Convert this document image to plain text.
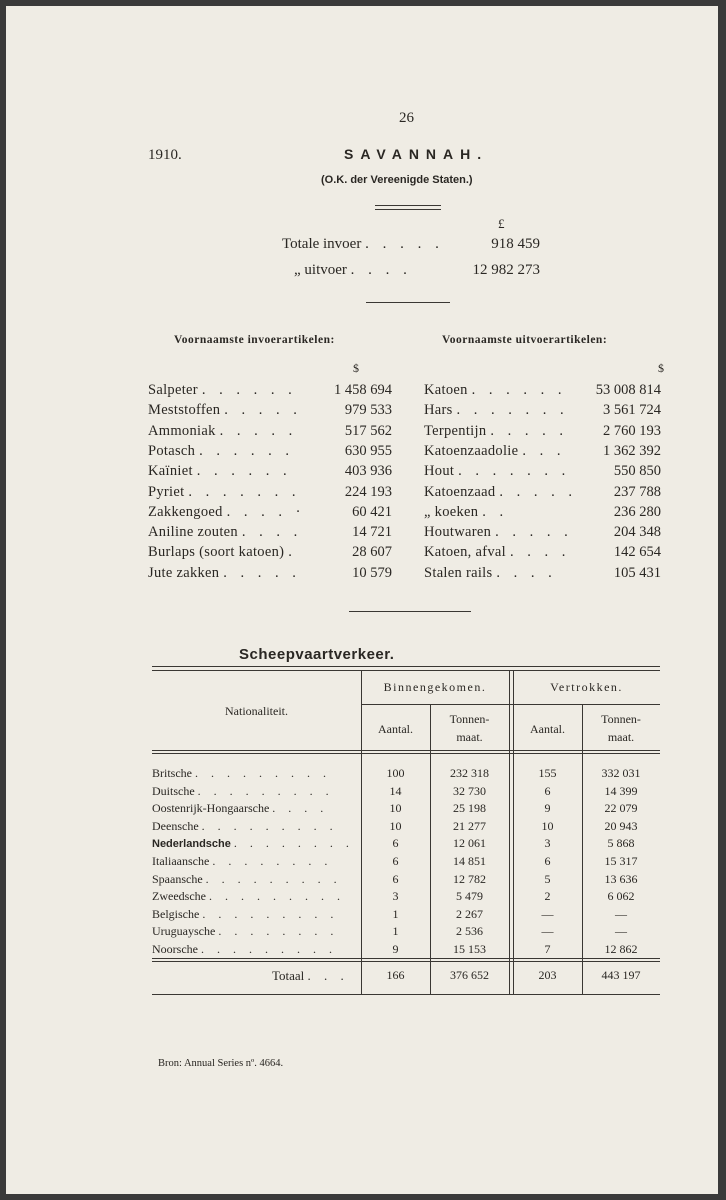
26
1910.	SAVANNAH.
(O.K. der Vereenigde Staten.)
£
Totale invoer . . . . .	918 459
„ uitvoer . . . .	12 982 273
Voornaamste invoerartikelen:	Voornaamste uitvoerartikelen:
$	$
Salpeter . . . . . .	1 458 694
Meststoffen . . . . .	979 533
Ammoniak . . . . .	517 562
Potasch . . . . . .	630 955
Kaïniet . . . . . .	403 936
Pyriet . . . . . . .	224 193
Zakkengoed . . . . ·	60 421
Aniline zouten . . . .	14 721
Burlaps (soort katoen) .	28 607
Jute zakken . . . . .	10 579
Katoen . . . . . .	53 008 814
Hars . . . . . . .	3 561 724
Terpentijn . . . . .	2 760 193
Katoenzaadolie . . .	1 362 392
Hout . . . . . . .	550 850
Katoenzaad . . . . .	237 788
„ koeken . .	236 280
Houtwaren . . . . .	204 348
Katoen, afval . . . .	142 654
Stalen rails . . . .	105 431
Scheepvaartverkeer.
Nationaliteit.
Binnengekomen.	Vertrokken.
Aantal.
Tonnen-
maat.
Aantal.
Tonnen-
maat.
Britsche . . . . . . . . .	100	232 318	155	332 031
Duitsche . . . . . . . . .	14	32 730	6	14 399
Oostenrijk-Hongaarsche . . . .	10	25 198	9	22 079
Deensche . . . . . . . . .	10	21 277	10	20 943
Nederlandsche . . . . . . . .	6	12 061	3	5 868
Italiaansche . . . . . . . .	6	14 851	6	15 317
Spaansche . . . . . . . . .	6	12 782	5	13 636
Zweedsche . . . . . . . . .	3	5 479	2	6 062
Belgische . . . . . . . . .	1	2 267	—	—
Uruguaysche . . . . . . . .	1	2 536	—	—
Noorsche . . . . . . . . .	9	15 153	7	12 862
Totaal . . .	166	376 652	203	443 197
Bron: Annual Series nº. 4664.
